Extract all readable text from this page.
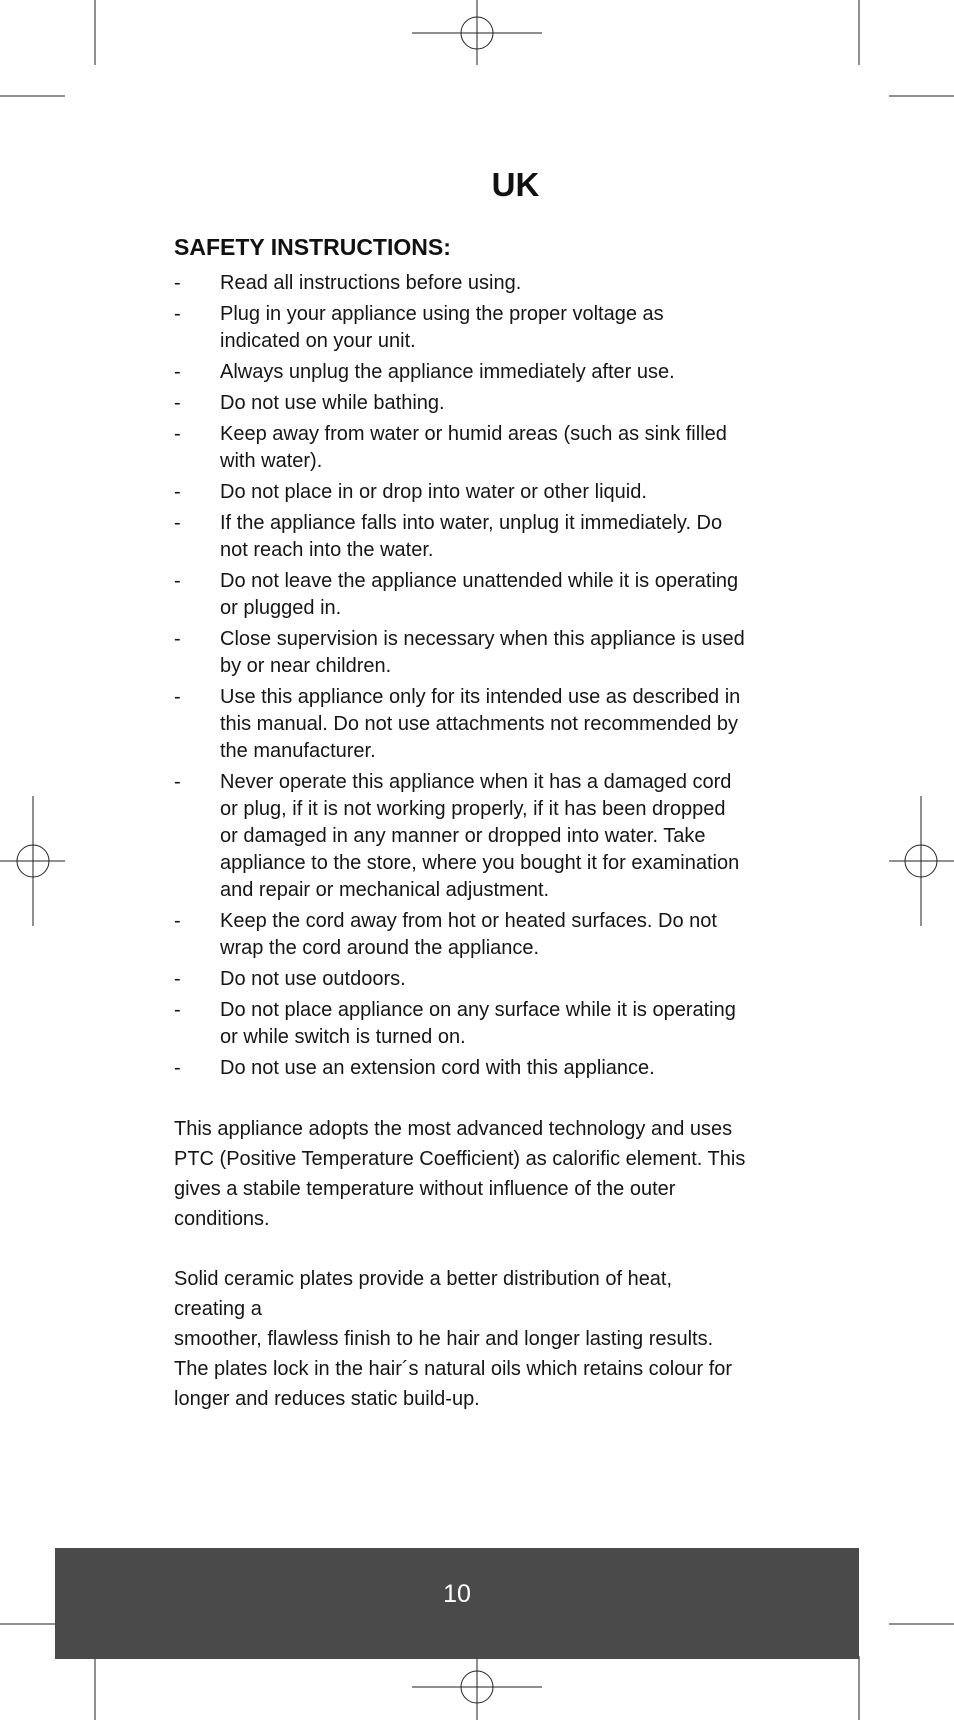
UK
SAFETY INSTRUCTIONS:
- Read all instructions before using.
- Plug in your appliance using the proper voltage as
indicated on your unit.
- Always unplug the appliance immediately after use.
- Do not use while bathing.
- Keep away from water or humid areas (such as sink filled
with water).
- Do not place in or drop into water or other liquid.
- If the appliance falls into water, unplug it immediately. Do
not reach into the water.
- Do not leave the appliance unattended while it is operating
or plugged in.
- Close supervision is necessary when this appliance is used
by or near children.
- Use this appliance only for its intended use as described in
this manual. Do not use attachments not recommended by
the manufacturer.
- Never operate this appliance when it has a damaged cord
or plug, if it is not working properly, if it has been dropped
or damaged in any manner or dropped into water. Take
appliance to the store, where you bought it for examination
and repair or mechanical adjustment.
- Keep the cord away from hot or heated surfaces. Do not
wrap the cord around the appliance.
- Do not use outdoors.
- Do not place appliance on any surface while it is operating
or while switch is turned on.
- Do not use an extension cord with this appliance.

This appliance adopts the most advanced technology and uses
PTC (Positive Temperature Coefficient) as calorific element. This
gives a stabile temperature without influence of the outer
conditions.

Solid ceramic plates provide a better distribution of heat,
creating a
smoother, flawless finish to he hair and longer lasting results.
The plates lock in the hair´s natural oils which retains colour for
longer and reduces static build-up.

10
